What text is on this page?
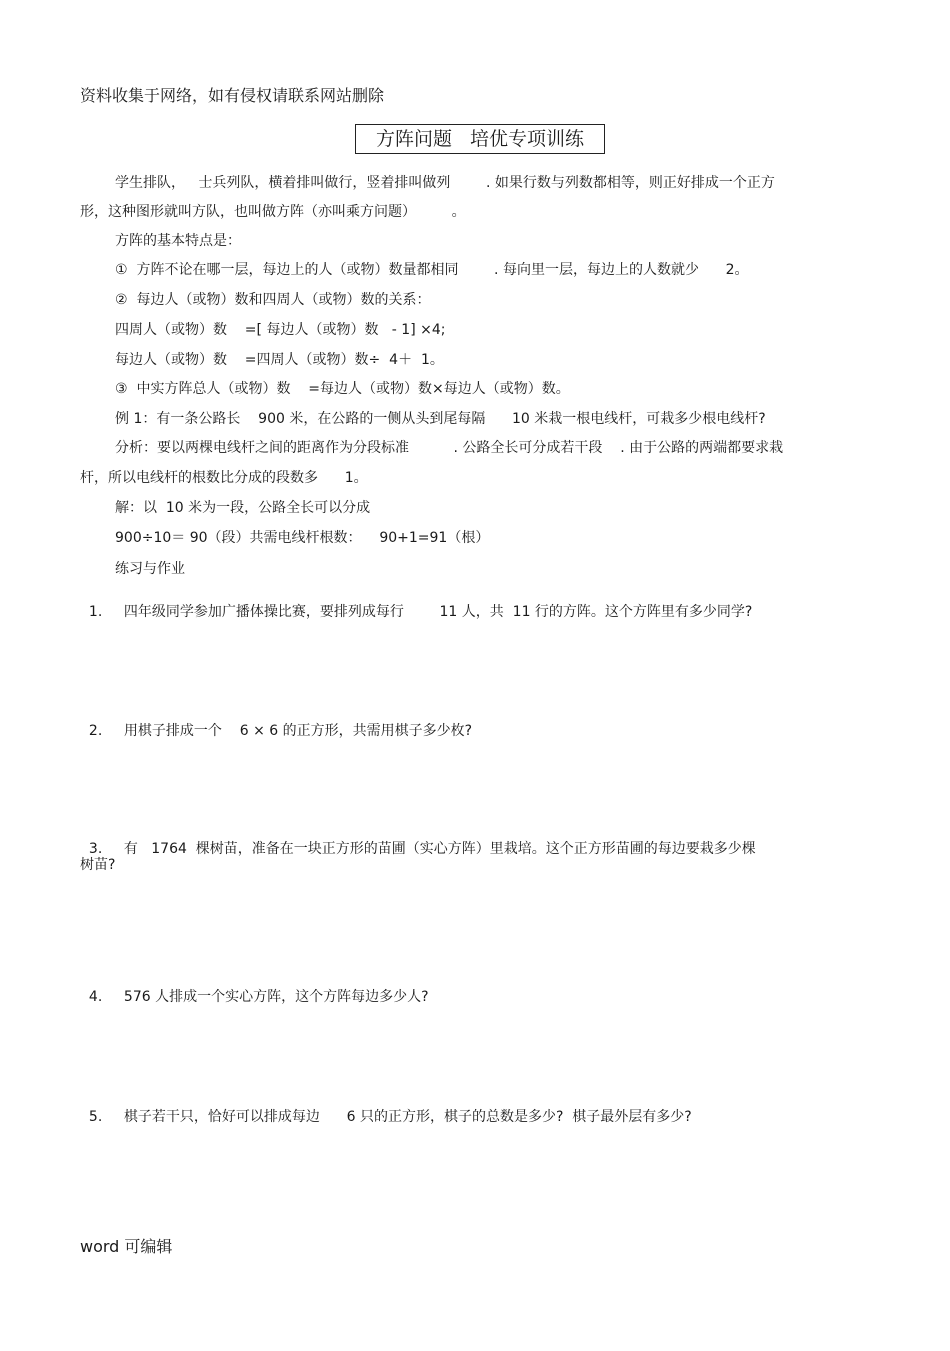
资料收集于网络，如有侵权请联系网站删除
方阵问题   培优专项训练
学生排队，   士兵列队，横着排叫做行，竖着排叫做列        . 如果行数与列数都相等，则正好排成一个正方
形，这种图形就叫方队，也叫做方阵（亦叫乘方问题）        。
方阵的基本特点是：
①  方阵不论在哪一层，每边上的人（或物）数量都相同        . 每向里一层，每边上的人数就少      2。
②  每边人（或物）数和四周人（或物）数的关系：
四周人（或物）数    =[ 每边人（或物）数   - 1] ×4;
每边人（或物）数    =四周人（或物）数÷  4＋  1。
③  中实方阵总人（或物）数    =每边人（或物）数×每边人（或物）数。
例 1：有一条公路长    900 米，在公路的一侧从头到尾每隔      10 米栽一根电线杆，可栽多少根电线杆?
分析：要以两棵电线杆之间的距离作为分段标准          . 公路全长可分成若干段    . 由于公路的两端都要求栽
杆，所以电线杆的根数比分成的段数多      1。
解：以  10 米为一段，公路全长可以分成
900÷10＝ 90（段）共需电线杆根数：    90+1=91（根）
练习与作业

1. 四年级同学参加广播体操比赛，要排列成每行        11 人，共  11 行的方阵。这个方阵里有多少同学?

2. 用棋子排成一个    6 × 6 的正方形，共需用棋子多少枚?

3. 有   1764  棵树苗，准备在一块正方形的苗圃（实心方阵）里栽培。这个正方形苗圃的每边要栽多少棵

树苗?

4. 576 人排成一个实心方阵，这个方阵每边多少人?

5. 棋子若干只，恰好可以排成每边      6 只的正方形，棋子的总数是多少?  棋子最外层有多少?

word 可编辑
